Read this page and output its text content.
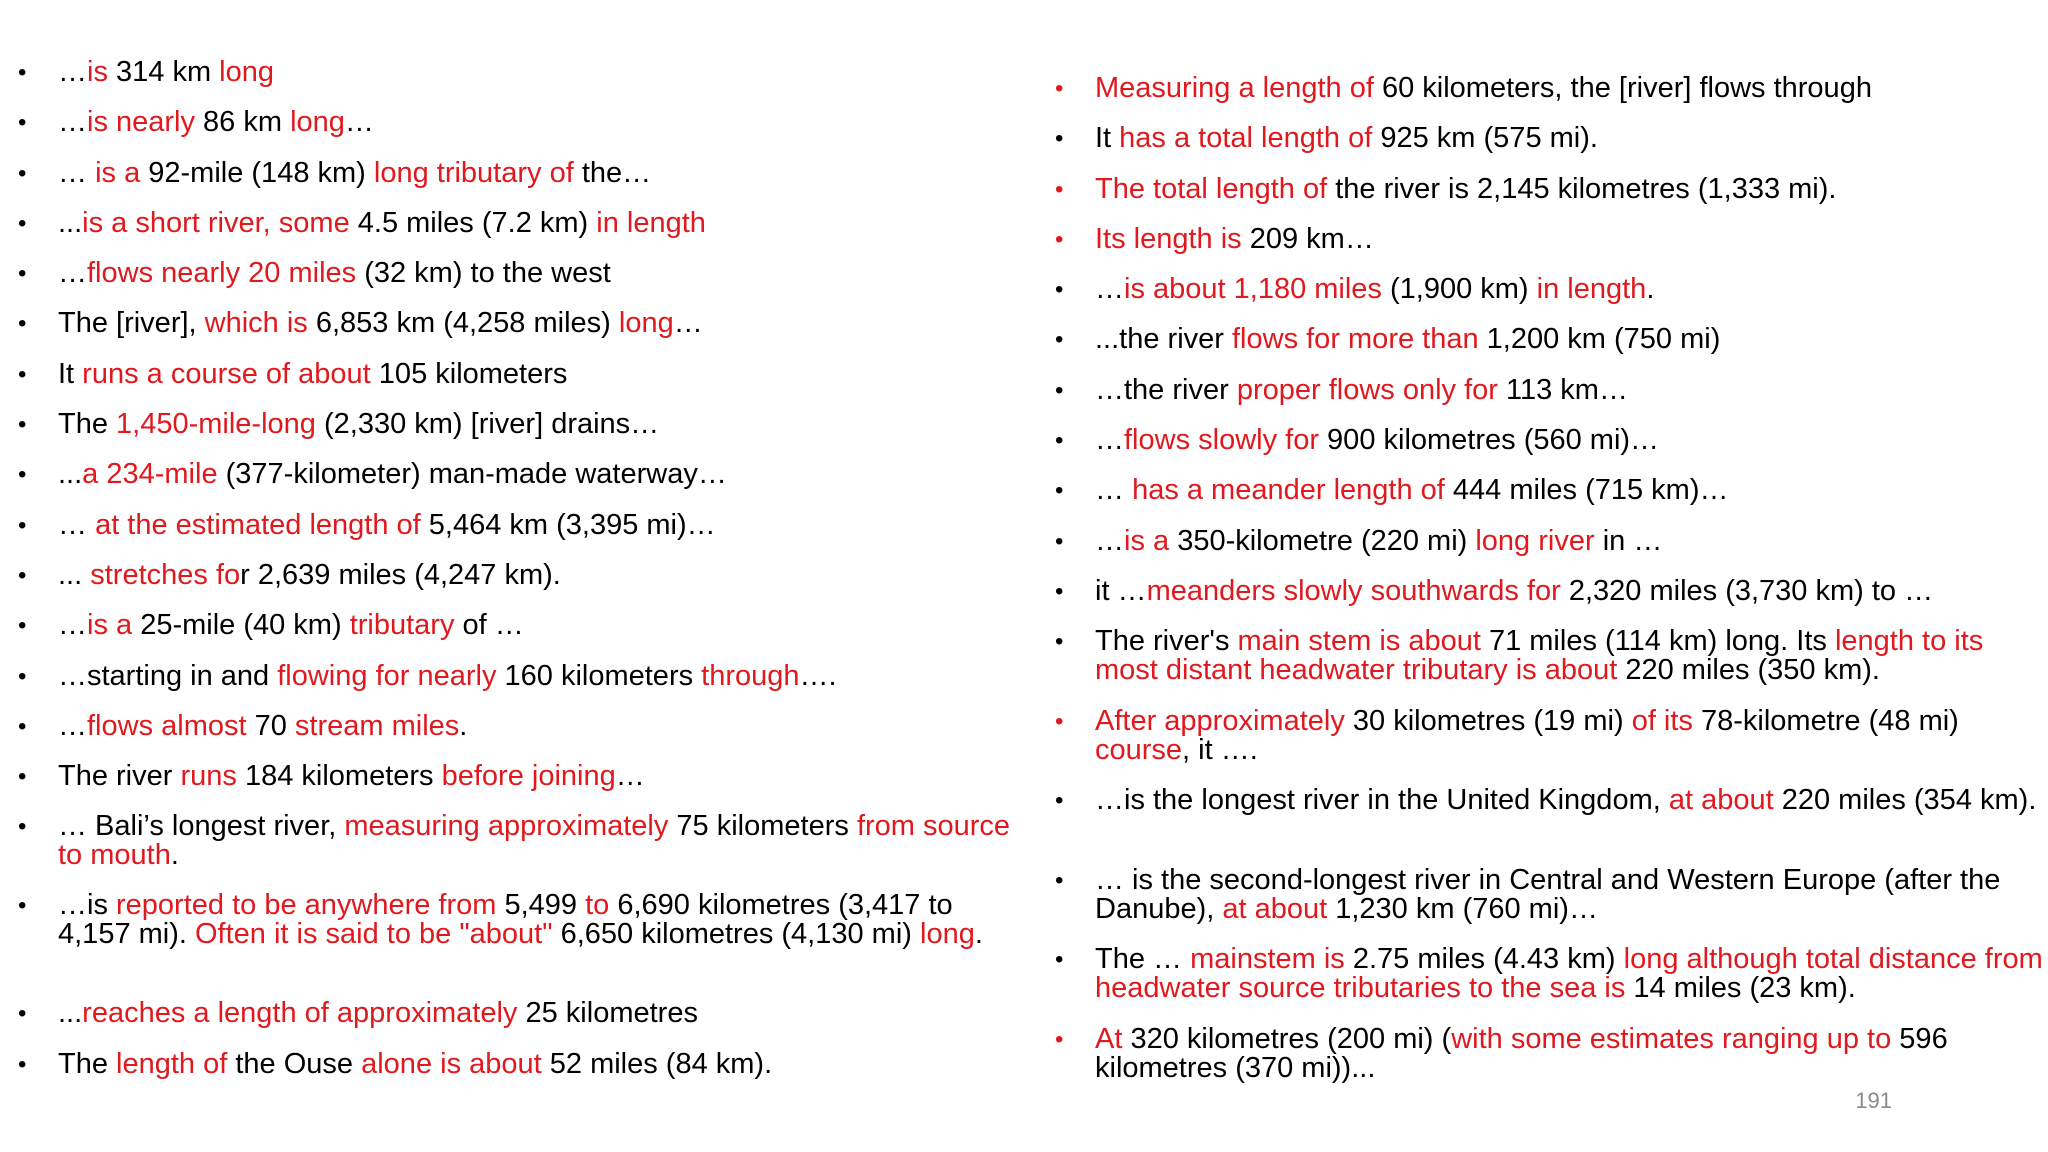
•	…is 314 km long
•	…is nearly 86 km long…
•	… is a 92-mile (148 km) long tributary of the…
•	...is a short river, some 4.5 miles (7.2 km) in length
•	…flows nearly 20 miles (32 km) to the west
•	The [river], which is 6,853 km (4,258 miles) long…
•	It runs a course of about 105 kilometers
•	The 1,450-mile-long (2,330 km) [river] drains…
•	...a 234-mile (377-kilometer) man-made waterway…
•	… at the estimated length of 5,464 km (3,395 mi)…
•	... stretches for 2,639 miles (4,247 km).
•	…is a 25-mile (40 km) tributary of …
•	…starting in and flowing for nearly 160 kilometers through….
•	…flows almost 70 stream miles.
•	The river runs 184 kilometers before joining…
•	… Bali’s longest river, measuring approximately 75 kilometers from source to mouth.
•	…is reported to be anywhere from 5,499 to 6,690 kilometres (3,417 to 4,157 mi). Often it is said to be "about" 6,650 kilometres (4,130 mi) long.
•	...reaches a length of approximately 25 kilometres
•	The length of the Ouse alone is about 52 miles (84 km).
•	Measuring a length of 60 kilometers, the [river] flows through
•	It has a total length of 925 km (575 mi).
•	The total length of the river is 2,145 kilometres (1,333 mi).
•	Its length is 209 km…
•	…is about 1,180 miles (1,900 km) in length.
•	...the river flows for more than 1,200 km (750 mi)
•	…the river proper flows only for 113 km…
•	…flows slowly for 900 kilometres (560 mi)…
•	… has a meander length of 444 miles (715 km)…
•	…is a 350-kilometre (220 mi) long river in …
•	it …meanders slowly southwards for 2,320 miles (3,730 km) to …
•	The river's main stem is about 71 miles (114 km) long. Its length to its most distant headwater tributary is about 220 miles (350 km).
•	After approximately 30 kilometres (19 mi) of its 78-kilometre (48 mi) course, it ….
•	…is the longest river in the United Kingdom, at about 220 miles (354 km).
•	… is the second-longest river in Central and Western Europe (after the Danube), at about 1,230 km (760 mi)…
•	The … mainstem is 2.75 miles (4.43 km) long although total distance from headwater source tributaries to the sea is 14 miles (23 km).
•	At 320 kilometres (200 mi) (with some estimates ranging up to 596 kilometres (370 mi))...
191
